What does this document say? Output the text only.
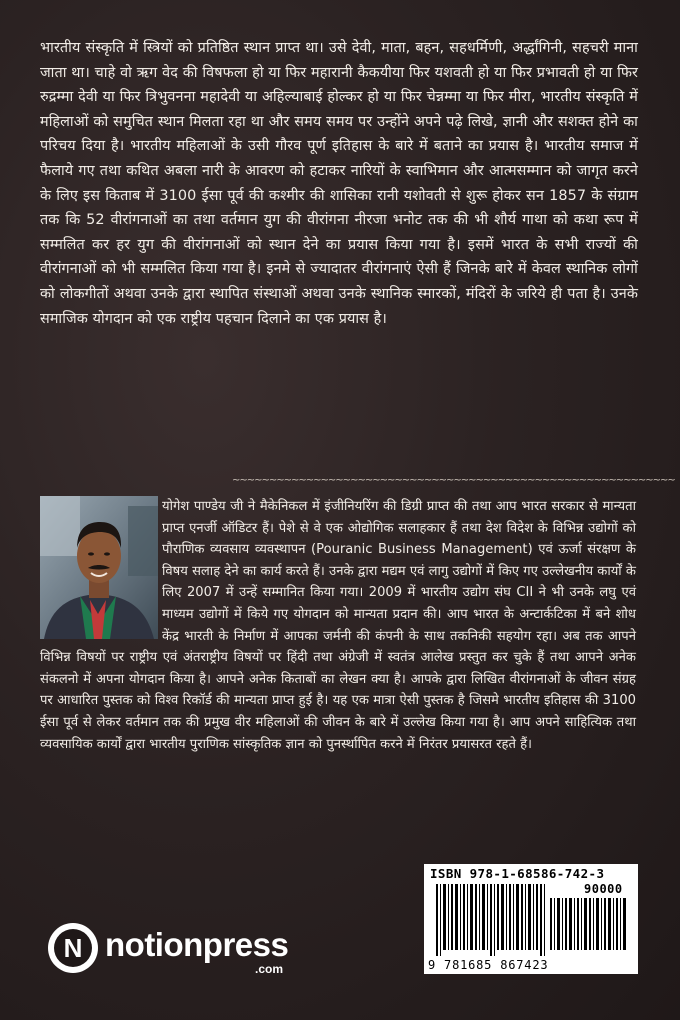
भारतीय संस्कृति में स्त्रियों को प्रतिष्ठित स्थान प्राप्त था। उसे देवी, माता, बहन, सहधर्मिणी, अर्द्धांगिनी, सहचरी माना जाता था। चाहे वो ऋग वेद की विषफला हो या फिर महारानी कैकयीया फिर यशवती हो या फिर प्रभावती हो या फिर रुद्रम्मा देवी या फिर त्रिभुवनना महादेवी या अहिल्याबाई होल्कर हो या फिर चेन्नम्मा या फिर मीरा, भारतीय संस्कृति में महिलाओं को समुचित स्थान मिलता रहा था और समय समय पर उन्होंने अपने पढ़े लिखे, ज्ञानी और सशक्त होने का परिचय दिया है। भारतीय महिलाओं के उसी गौरव पूर्ण इतिहास के बारे में बताने का प्रयास है। भारतीय समाज में फैलाये गए तथा कथित अबला नारी के आवरण को हटाकर नारियों के स्वाभिमान और आत्मसम्मान को जागृत करने के लिए इस किताब में 3100 ईसा पूर्व की कश्मीर की शासिका रानी यशोवती से शुरू होकर सन 1857 के संग्राम तक कि 52 वीरांगनाओं का तथा वर्तमान युग की वीरांगना नीरजा भनोट तक की भी शौर्य गाथा को कथा रूप में सम्मलित कर हर युग की वीरांगनाओं को स्थान देने का प्रयास किया गया है। इसमें भारत के सभी राज्यों की वीरांगनाओं को भी सम्मलित किया गया है। इनमे से ज्यादातर वीरांगनाएं ऐसी हैं जिनके बारे में केवल स्थानिक लोगों को लोकगीतों अथवा उनके द्वारा स्थापित संस्थाओं अथवा उनके स्थानिक स्मारकों, मंदिरों के जरिये ही पता है। उनके समाजिक योगदान को एक राष्ट्रीय पहचान दिलाने का एक प्रयास है।

~~~~~~~~~~~~~~~~~~~~~~~~~~~~~~~~~~~~~~~~~~~~~~~~~~~~~~~~~~~~

योगेश पाण्डेय जी ने मैकेनिकल में इंजीनियरिंग की डिग्री प्राप्त की तथा आप भारत सरकार से मान्यता प्राप्त एनर्जी ऑडिटर हैं। पेशे से वे एक ओद्योगिक सलाहकार हैं तथा देश विदेश के विभिन्न उद्योगों को पौराणिक व्यवसाय व्यवस्थापन (Pouranic Business Management) एवं ऊर्जा संरक्षण के विषय सलाह देने का कार्य करते हैं। उनके द्वारा मद्यम एवं लागु उद्योगों में किए गए उल्लेखनीय कार्यों के लिए 2007 में उन्हें सम्मानित किया गया। 2009 में भारतीय उद्योग संघ CII ने भी उनके लघु एवं माध्यम उद्योगों में किये गए योगदान को मान्यता प्रदान की। आप भारत के अन्टार्कटिका में बने शोध केंद्र भारती के निर्माण में आपका जर्मनी की कंपनी के साथ तकनिकी सहयोग रहा। अब तक आपने विभिन्न विषयों पर राष्ट्रीय एवं अंतराष्ट्रीय विषयों पर हिंदी तथा अंग्रेजी में स्वतंत्र आलेख प्रस्तुत कर चुके हैं तथा आपने अनेक संकलनो में अपना योगदान किया है। आपने अनेक किताबों का लेखन क्या है। आपके द्वारा लिखित वीरांगनाओं के जीवन संग्रह पर आधारित पुस्तक को विश्व रिकॉर्ड की मान्यता प्राप्त हुई है। यह एक मात्रा ऐसी पुस्तक है जिसमे भारतीय इतिहास की 3100 ईसा पूर्व से लेकर वर्तमान तक की प्रमुख वीर महिलाओं की जीवन के बारे में उल्लेख किया गया है। आप अपने साहित्यिक तथा व्यवसायिक कार्यों द्वारा भारतीय पुराणिक सांस्कृतिक ज्ञान को पुनर्स्थापित करने में निरंतर प्रयासरत रहते हैं।

ISBN 978-1-68586-742-3
90000
9 781685 867423
N notionpress
.com
